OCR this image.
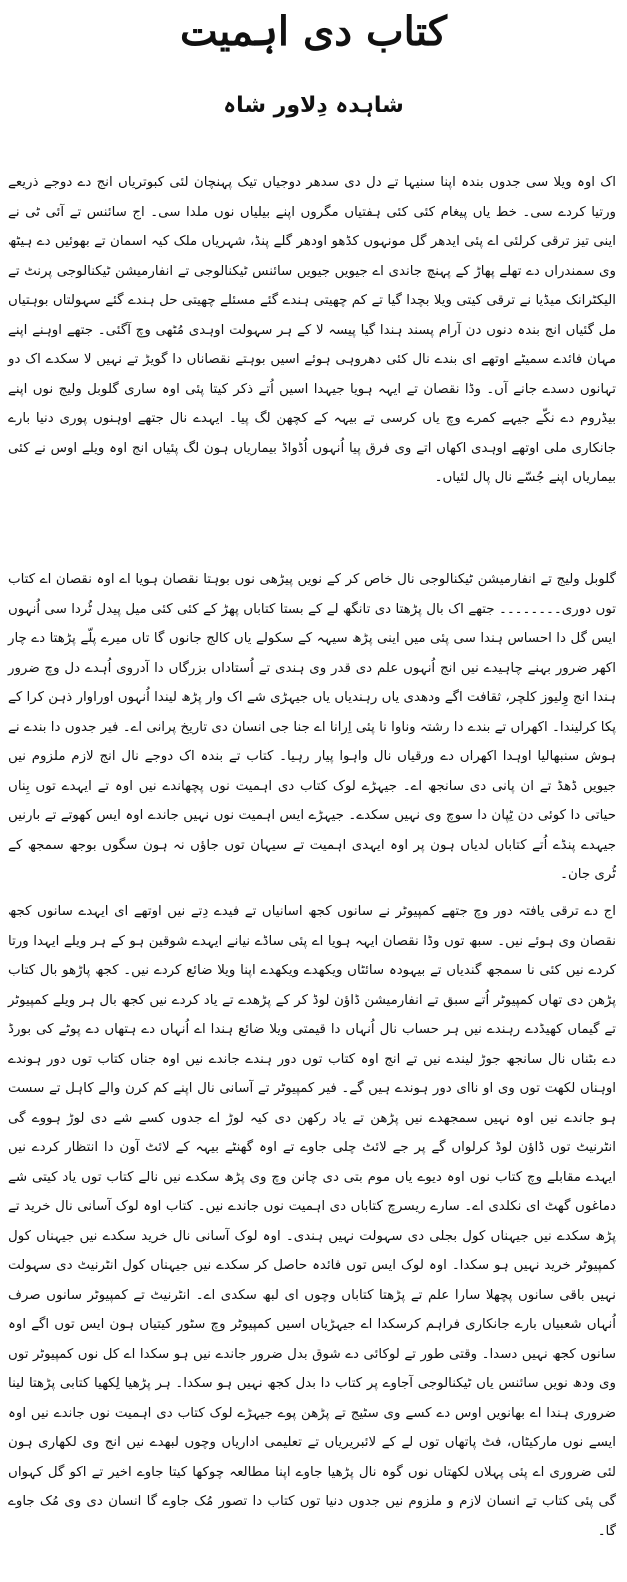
کتاب دی اہمیت
شاہدہ دِلاور شاہ

اک اوہ ویلا سی جدوں بندہ اپنا سنیہا تے دل دی سدھر دوجیاں تیک پہنچان لئی کبوتریاں انج دے دوجے ذریعے ورتیا کردے سی۔ خط یاں پیغام کئی کئی ہفتیاں مگروں اپنے بیلیاں نوں ملدا سی۔ اج سائنس تے آئی ٹی نے اینی تیز ترقی کرلئی اے پئی ایدھر گل مونہوں کڈھو اودھر گلے پنڈ، شہریاں ملک کیہ اسمان تے بھوئیں دے ہیٹھ وی سمندراں دے تھلے پھاڑ کے پہنچ جاندی اے جیویں جیویں سائنس ٹیکنالوجی تے انفارمیشن ٹیکنالوجی پرنٹ تے الیکٹرانک میڈیا نے ترقی کیتی ویلا بچدا گیا تے کم چھیتی ہندے گئے مسئلے چھیتی حل ہندے گئے سہولتاں بوہتیاں مل گئیاں انج بندہ دنوں دن آرام پسند ہندا گیا پیسہ لا کے ہر سہولت اوہدی مُٹھی وچ آگئی۔ جتھے اوہنے اپنے مہان فائدے سمیٹے اوتھے ای بندے نال کئی دھروہی ہوئے اسیں بوہتے نقصاناں دا گویڑ تے نہیں لا سکدے اک دو تہانوں دسدے جانے آں۔ وڈا نقصان تے ایہہ ہویا جیہدا اسیں اُتے ذکر کیتا پئی اوہ ساری گلوبل ولیج نوں اپنے بیڈروم دے نکّے جیہے کمرے وچ یاں کرسی تے بیہہ کے کچھن لگ پیا۔ ایہدے نال جتھے اوہنوں پوری دنیا بارے جانکاری ملی اوتھے اوہدی اکھاں اتے وی فرق پیا اُنہوں اُڈواڈ بیماریاں ہون لگ پئیاں انج اوہ ویلے اوس نے کئی بیماریاں اپنے جُسّے نال پال لئیاں۔

گلوبل ولیج تے انفارمیشن ٹیکنالوجی نال خاص کر کے نویں پیڑھی نوں بوہتا نقصان ہویا اے اوہ نقصان اے کتاب توں دوری۔۔۔۔۔۔۔۔ جتھے اک بال پڑھتا دی تانگھ لے کے بستا کتاباں پھڑ کے کئی کئی میل پیدل ٹُردا سی اُنہوں ایس گل دا احساس ہندا سی پئی میں اینی پڑھ سیہہ کے سکولے یاں کالج جانوں گا تاں میرے پلّے پڑھتا دے چار اکھر ضرور بہنے چاہیدے نیں انج اُنہوں علم دی قدر وی ہندی تے اُستاداں بزرگاں دا آدروی اُہدے دل وچ ضرور ہندا انج وِلیوز کلچر، ثقافت اگے ودھدی یاں رہندیاں یاں جیہڑی شے اک وار پڑھ لیندا اُنہوں اوراوار ذہن کرا کے پکا کرلیندا۔ اکھراں تے بندے دا رشتہ وناوا نا پئی اِرانا اے جنا جی انسان دی تاریخ پرانی اے۔ فیر جدوں دا بندے نے ہوش سنبھالیا اوہدا اکھراں دے ورقیاں نال واہوا پیار رہیا۔ کتاب تے بندہ اک دوجے نال انج لازم ملزوم نیں جیویں ڈھڈ تے ان پانی دی سانجھ اے۔ جیہڑے لوک کتاب دی اہمیت نوں پچھاندے نیں اوہ تے ایہدے توں بِناں حیاتی دا کوئی دن ٹِپان دا سوچ وی نہیں سکدے۔ جیہڑے ایس اہمیت نوں نہیں جاندے اوہ ایس کھوتے تے بارنیں جیہدے پنڈے اُتے کتاباں لدیاں ہون پر اوہ ایہدی اہمیت تے سیہان توں جاؤں نہ ہون سگوں بوجھ سمجھ کے ٹُری جان۔

اج دے ترقی یافتہ دور وچ جتھے کمپیوٹر نے سانوں کجھ اسانیاں تے فیدے دِتے نیں اوتھے ای ایہدے سانوں کجھ نقصان وی ہوئے نیں۔ سبھ توں وڈا نقصان ایہہ ہویا اے پئی ساڈے نیانے ایہدے شوقین ہو کے ہر ویلے ایہدا ورتا کردے نیں کئی نا سمجھ گندیاں تے بیہودہ سائٹاں ویکھدے ویکھدے اپنا ویلا ضائع کردے نیں۔ کجھ پاڑھو بال کتاب پڑھن دی تھاں کمپیوٹر اُتے سبق تے انفارمیشن ڈاؤن لوڈ کر کے پڑھدے تے یاد کردے نیں کجھ بال ہر ویلے کمپیوٹر تے گیماں کھیڈدے رہندے نیں ہر حساب نال اُنہاں دا قیمتی ویلا ضائع ہندا اے اُنہاں دے ہتھاں دے پوٹے کی بورڈ دے بٹناں نال سانجھ جوڑ لیندے نیں تے انج اوہ کتاب توں دور ہندے جاندے نیں اوہ جناں کتاب توں دور ہوندے اوہناں لکھت توں وی او ناای دور ہوندے ہیں گے۔ فیر کمپیوٹر تے آسانی نال اپنے کم کرن والے کاہل تے سست ہو جاندے نیں اوہ نہیں سمجھدے نیں پڑھن تے یاد رکھن دی کیہ لوڑ اے جدوں کسے شے دی لوڑ ہووے گی انٹرنیٹ توں ڈاؤن لوڈ کرلواں گے پر جے لائٹ چلی جاوے تے اوہ گھنٹے بیہہ کے لائٹ آون دا انتظار کردے نیں ایہدے مقابلے وچ کتاب نوں اوہ دیوے یاں موم بتی دی چانن وچ وی پڑھ سکدے نیں نالے کتاب توں یاد کیتی شے دماغوں گھٹ ای نکلدی اے۔ سارے ریسرچ کتاباں دی اہمیت نوں جاندے نیں۔ کتاب اوہ لوک آسانی نال خرید تے پڑھ سکدے نیں جیہناں کول بجلی دی سہولت نہیں ہندی۔ اوہ لوک آسانی نال خرید سکدے نیں جیہناں کول کمپیوٹر خرید نہیں ہو سکدا۔ اوہ لوک ایس توں فائدہ حاصل کر سکدے نیں جیہناں کول انٹرنیٹ دی سہولت نہیں باقی سانوں پچھلا سارا علم تے پڑھتا کتاباں وچوں ای لبھ سکدی اے۔ انٹرنیٹ تے کمپیوٹر سانوں صرف اُنہاں شعبیاں بارے جانکاری فراہم کرسکدا اے جیہڑیاں اسیں کمپیوٹر وچ سٹور کیتیاں ہون ایس توں اگے اوہ سانوں کجھ نہیں دسدا۔ وقتی طور تے لوکائی دے شوق بدل ضرور جاندے نیں ہو سکدا اے کل نوں کمپیوٹر توں وی ودھ نویں سائنس یاں ٹیکنالوجی آجاوے پر کتاب دا بدل کجھ نہیں ہو سکدا۔ ہر پڑھیا لِکھیا کتابی پڑھتا لینا ضروری ہندا اے بھانویں اوس دے کسے وی سٹیج تے پڑھن پوے جیہڑے لوک کتاب دی اہمیت نوں جاندے نیں اوہ ایسے نوں مارکیٹاں، فٹ پاتھاں توں لے کے لائبریریاں تے تعلیمی اداریاں وچوں لبھدے نیں انج وی لکھاری ہون لئی ضروری اے پئی پہلاں لکھتاں نوں گوہ نال پڑھیا جاوے اپنا مطالعہ چوکھا کیتا جاوے اخیر تے اکو گل کہواں گی پئی کتاب تے انسان لازم و ملزوم نیں جدوں دنیا توں کتاب دا تصور مُک جاوے گا انسان دی وی مُک جاوے گا۔
